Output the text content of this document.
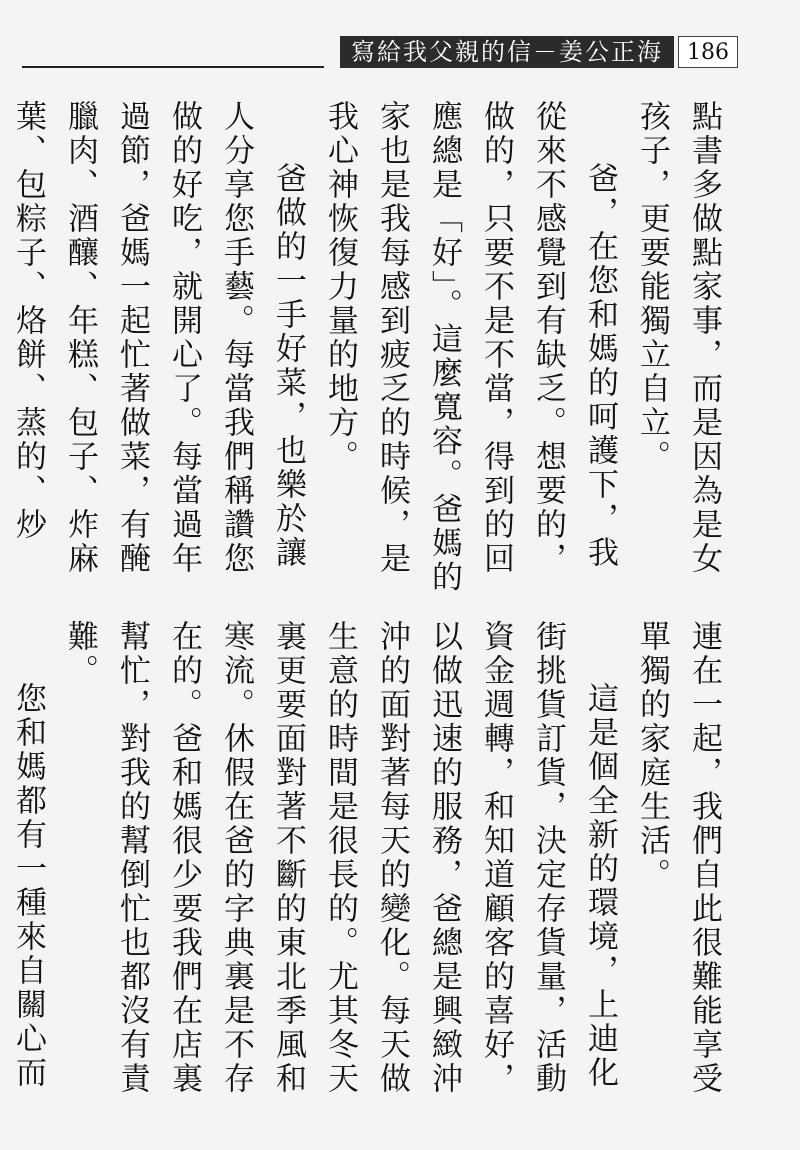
寫給我父親的信－姜公正海	186

點書多做點家事，而是因為是女孩子，更要能獨立自立。

爸，在您和媽的呵護下，我從來不感覺到有缺乏。想要的，做的，只要不是不當，得到的回應總是「好」。這麼寬容。爸媽的家也是我每感到疲乏的時候，是我心神恢復力量的地方。

爸做的一手好菜，也樂於讓人分享您手藝。每當我們稱讚您做的好吃，就開心了。每當過年過節，爸媽一起忙著做菜，有醃臘肉、酒釀、年糕、包子、炸麻葉、包粽子、烙餅、蒸的、炒

連在一起，我們自此很難能享受單獨的家庭生活。

這是個全新的環境，上迪化街挑貨訂貨，決定存貨量，活動資金週轉，和知道顧客的喜好，以做迅速的服務，爸總是興緻沖沖的面對著每天的變化。每天做生意的時間是很長的。尤其冬天裏更要面對著不斷的東北季風和寒流。休假在爸的字典裏是不存在的。爸和媽很少要我們在店裏幫忙，對我的幫倒忙也都沒有責難。

您和媽都有一種來自關心而
